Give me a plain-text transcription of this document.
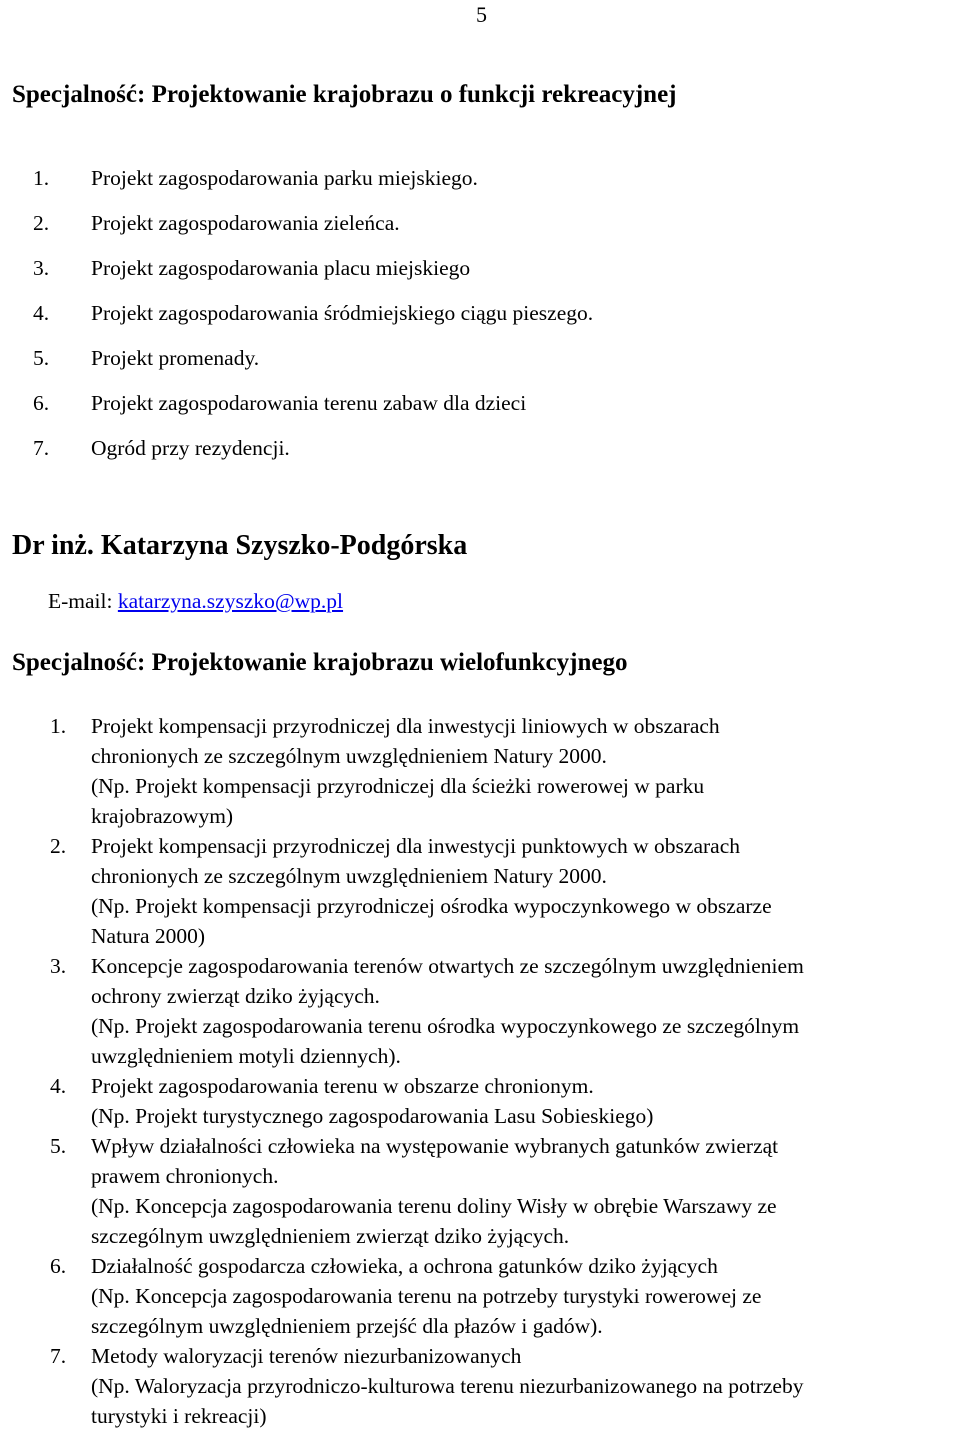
5
Specjalność: Projektowanie krajobrazu o funkcji rekreacyjnej
1.	Projekt zagospodarowania parku miejskiego.
2.	Projekt zagospodarowania zieleńca.
3.	Projekt zagospodarowania placu miejskiego
4.	Projekt zagospodarowania śródmiejskiego ciągu pieszego.
5.	Projekt promenady.
6.	Projekt zagospodarowania terenu zabaw dla dzieci
7.	Ogród przy rezydencji.
Dr inż. Katarzyna Szyszko-Podgórska
E-mail: katarzyna.szyszko@wp.pl
Specjalność: Projektowanie krajobrazu wielofunkcyjnego
1.	Projekt kompensacji przyrodniczej dla inwestycji liniowych w obszarach
chronionych ze szczególnym uwzględnieniem Natury 2000.
(Np. Projekt kompensacji przyrodniczej dla ścieżki rowerowej w parku
krajobrazowym)
2.	Projekt kompensacji przyrodniczej dla inwestycji punktowych w obszarach
chronionych ze szczególnym uwzględnieniem Natury 2000.
(Np. Projekt kompensacji przyrodniczej ośrodka wypoczynkowego w obszarze
Natura 2000)
3.	Koncepcje zagospodarowania terenów otwartych ze szczególnym uwzględnieniem
ochrony zwierząt dziko żyjących.
(Np. Projekt zagospodarowania terenu ośrodka wypoczynkowego ze szczególnym
uwzględnieniem motyli dziennych).
4.	Projekt zagospodarowania terenu w obszarze chronionym.
(Np. Projekt turystycznego zagospodarowania Lasu Sobieskiego)
5.	Wpływ działalności człowieka na występowanie wybranych gatunków zwierząt
prawem chronionych.
(Np. Koncepcja zagospodarowania terenu doliny Wisły w obrębie Warszawy ze
szczególnym uwzględnieniem zwierząt dziko żyjących.
6.	Działalność gospodarcza człowieka, a ochrona gatunków dziko żyjących
(Np. Koncepcja zagospodarowania terenu na potrzeby turystyki rowerowej ze
szczególnym uwzględnieniem przejść dla płazów i gadów).
7.	Metody waloryzacji terenów niezurbanizowanych
(Np. Waloryzacja przyrodniczo-kulturowa terenu niezurbanizowanego na potrzeby
turystyki i rekreacji)
